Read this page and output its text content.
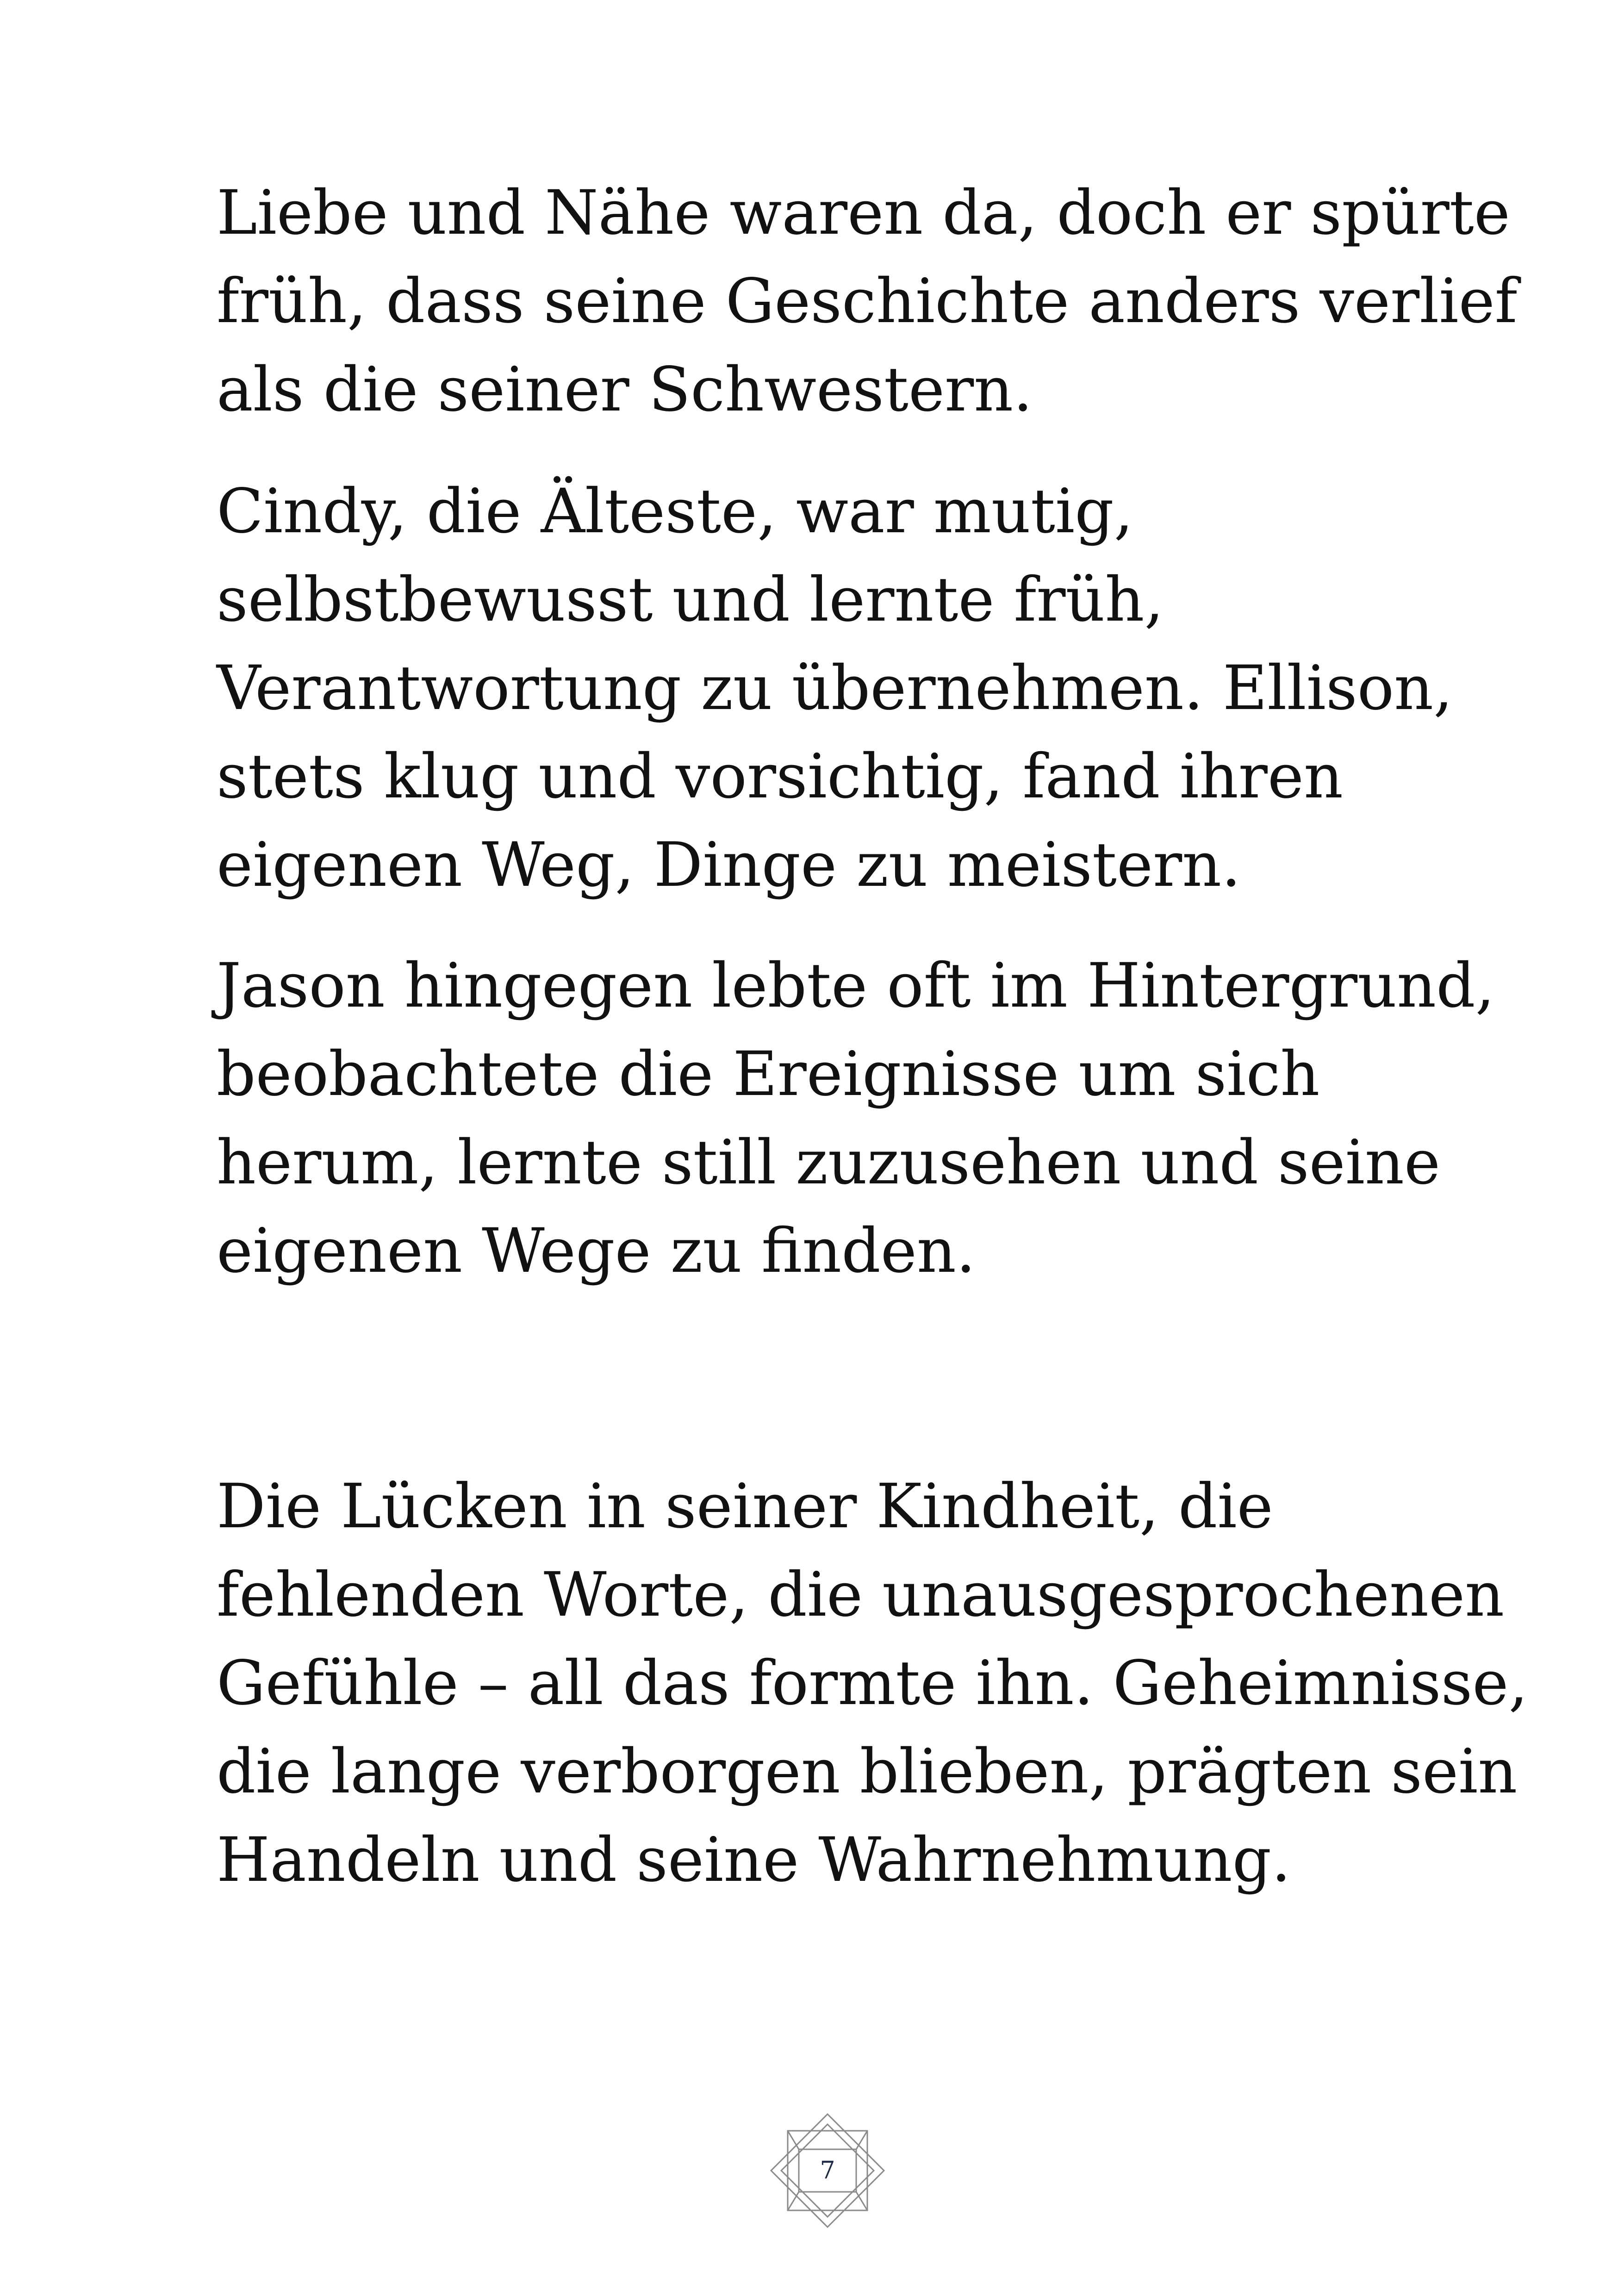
Liebe und Nähe waren da, doch er spürte
früh, dass seine Geschichte anders verlief
als die seiner Schwestern.

Cindy, die Älteste, war mutig,
selbstbewusst und lernte früh,
Verantwortung zu übernehmen. Ellison,
stets klug und vorsichtig, fand ihren
eigenen Weg, Dinge zu meistern.

Jason hingegen lebte oft im Hintergrund,
beobachtete die Ereignisse um sich
herum, lernte still zuzusehen und seine
eigenen Wege zu finden.

Die Lücken in seiner Kindheit, die
fehlenden Worte, die unausgesprochenen
Gefühle – all das formte ihn. Geheimnisse,
die lange verborgen blieben, prägten sein
Handeln und seine Wahrnehmung.

7
